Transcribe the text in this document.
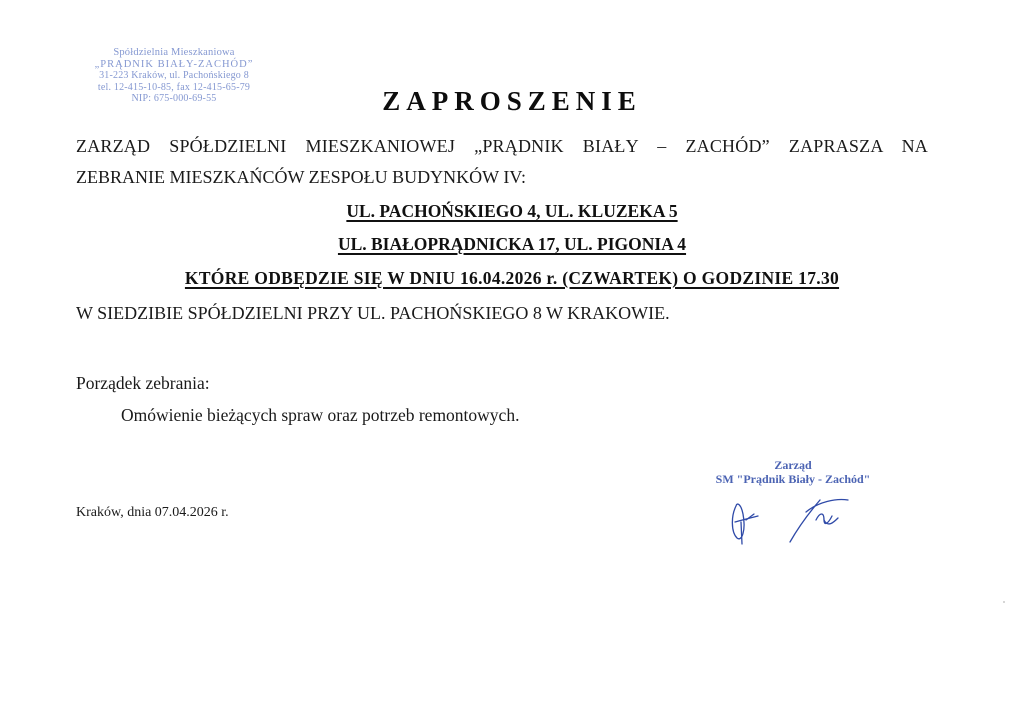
Spółdzielnia Mieszkaniowa
„PRĄDNIK BIAŁY-ZACHÓD”
31-223 Kraków, ul. Pachońskiego 8
tel. 12-415-10-85, fax 12-415-65-79
NIP: 675-000-69-55	ZAPROSZENIE
ZARZĄD SPÓŁDZIELNI MIESZKANIOWEJ „PRĄDNIK BIAŁY – ZACHÓD” ZAPRASZA NA
ZEBRANIE MIESZKAŃCÓW ZESPOŁU BUDYNKÓW IV:
UL. PACHOŃSKIEGO 4, UL. KLUZEKA 5
UL. BIAŁOPRĄDNICKA 17, UL. PIGONIA 4
KTÓRE ODBĘDZIE SIĘ W DNIU 16.04.2026 r. (CZWARTEK) O GODZINIE 17.30
W SIEDZIBIE SPÓŁDZIELNI PRZY UL. PACHOŃSKIEGO 8 W KRAKOWIE.
Porządek zebrania:
Omówienie bieżących spraw oraz potrzeb remontowych.
Kraków, dnia 07.04.2026 r.
Zarząd
SM "Prądnik Biały - Zachód"
